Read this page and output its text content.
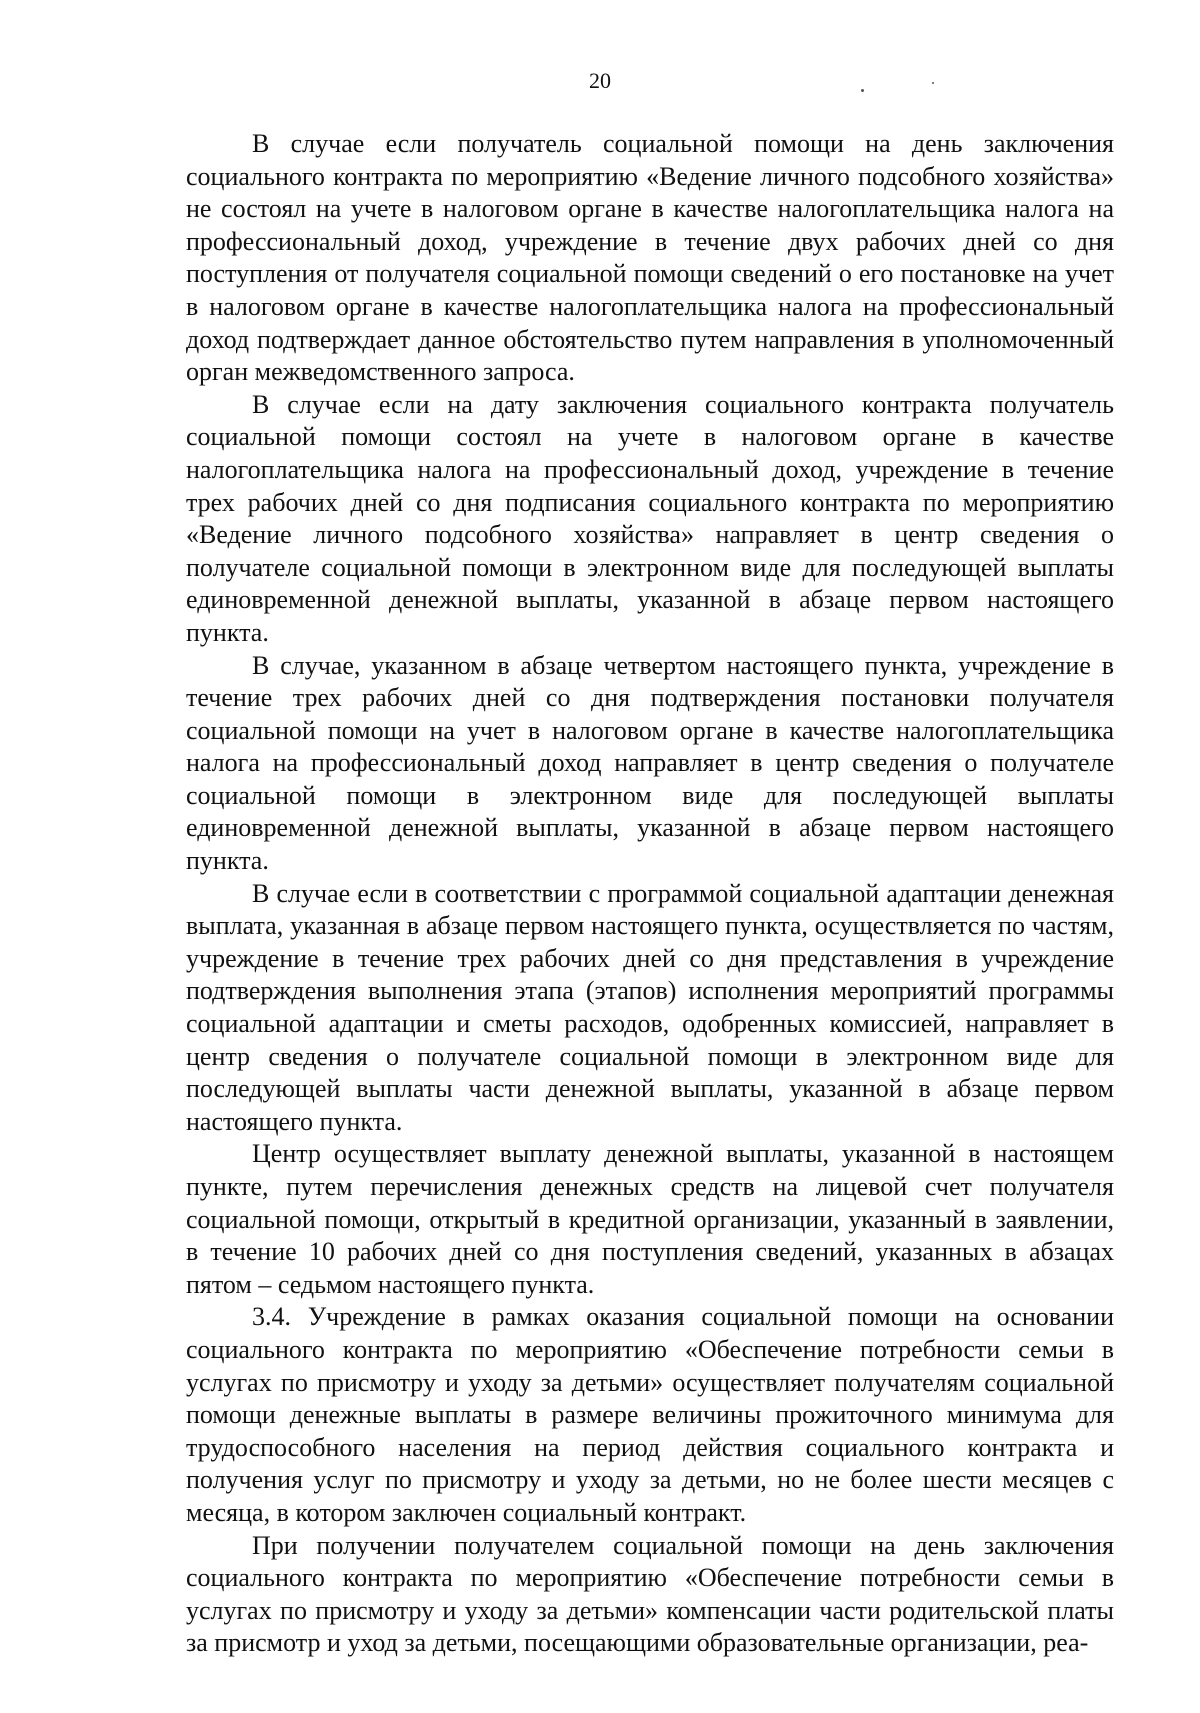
20

В случае если получатель социальной помощи на день заключения социального контракта по мероприятию «Ведение личного подсобного хозяйства» не состоял на учете в налоговом органе в качестве налогоплательщика налога на профессиональный доход, учреждение в течение двух рабочих дней со дня поступления от получателя социальной помощи сведений о его постановке на учет в налоговом органе в качестве налогоплательщика налога на профессиональный доход подтверждает данное обстоятельство путем направления в уполномоченный орган межведомственного запроса.

В случае если на дату заключения социального контракта получатель социальной помощи состоял на учете в налоговом органе в качестве налогоплательщика налога на профессиональный доход, учреждение в течение трех рабочих дней со дня подписания социального контракта по мероприятию «Ведение личного подсобного хозяйства» направляет в центр сведения о получателе социальной помощи в электронном виде для последующей выплаты единовременной денежной выплаты, указанной в абзаце первом настоящего пункта.

В случае, указанном в абзаце четвертом настоящего пункта, учреждение в течение трех рабочих дней со дня подтверждения постановки получателя социальной помощи на учет в налоговом органе в качестве налогоплательщика налога на профессиональный доход направляет в центр сведения о получателе социальной помощи в электронном виде для последующей выплаты единовременной денежной выплаты, указанной в абзаце первом настоящего пункта.

В случае если в соответствии с программой социальной адаптации денежная выплата, указанная в абзаце первом настоящего пункта, осуществляется по частям, учреждение в течение трех рабочих дней со дня представления в учреждение подтверждения выполнения этапа (этапов) исполнения мероприятий программы социальной адаптации и сметы расходов, одобренных комиссией, направляет в центр сведения о получателе социальной помощи в электронном виде для последующей выплаты части денежной выплаты, указанной в абзаце первом настоящего пункта.

Центр осуществляет выплату денежной выплаты, указанной в настоящем пункте, путем перечисления денежных средств на лицевой счет получателя социальной помощи, открытый в кредитной организации, указанный в заявлении, в течение 10 рабочих дней со дня поступления сведений, указанных в абзацах пятом – седьмом настоящего пункта.

3.4. Учреждение в рамках оказания социальной помощи на основании социального контракта по мероприятию «Обеспечение потребности семьи в услугах по присмотру и уходу за детьми» осуществляет получателям социальной помощи денежные выплаты в размере величины прожиточного минимума для трудоспособного населения на период действия социального контракта и получения услуг по присмотру и уходу за детьми, но не более шести месяцев с месяца, в котором заключен социальный контракт.

При получении получателем социальной помощи на день заключения социального контракта по мероприятию «Обеспечение потребности семьи в услугах по присмотру и уходу за детьми» компенсации части родительской платы за присмотр и уход за детьми, посещающими образовательные организации, реа-
